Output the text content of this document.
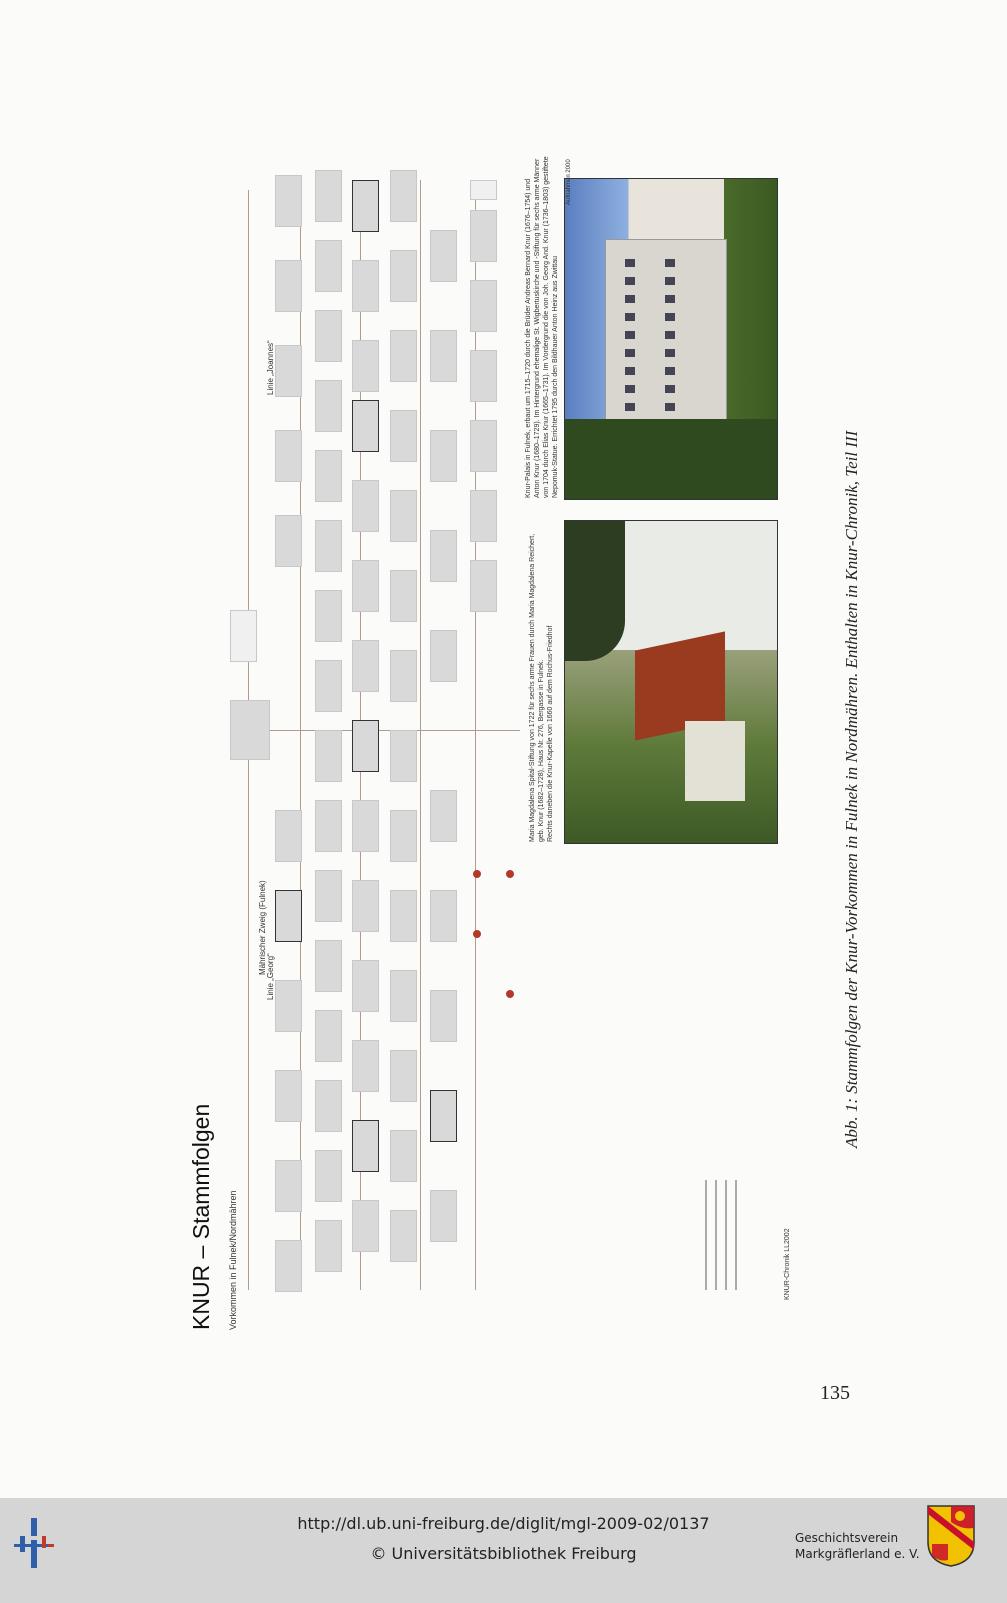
KNUR – Stammfolgen Vorkommen in Fulnek/Nordmähren
Mährischer Zweig (Fulnek)
Linie „Georg“
Linie „Joannes“
KNUR-Chronik LL2002
Maria Magdalena Spital-Stiftung von 1722 für sechs arme Frauen durch Maria Magdalena Reichert, geb. Knur (1682–1728), Haus Nr. 276, Bergasse in Fulnek. Rechts daneben die Knur-Kapelle von 1660 auf dem Rochus-Friedhof
Knur-Palais in Fulnek, erbaut um 1715–1720 durch die Brüder Andreas Bernard Knur (1676–1754) und Anton Knur (1680–1729). Im Hintergrund ehemalige St. Wigbertuskirche und -Stiftung für sechs arme Männer von 1704 durch Elias Knur (1665–1731). Im Vordergrund die von Joh. Georg And. Knur (1736–1803) gestiftete Nepomuk-Statue. Errichtet 1795 durch den Bildhauer Anton Heinz aus Zwittau
Aufnahmen 2000
Abb. 1: Stammfolgen der Knur-Vorkommen in Fulnek in Nordmähren. Enthalten in Knur-Chronik, Teil III
135
http://dl.ub.uni-freiburg.de/diglit/mgl-2009-02/0137
© Universitätsbibliothek Freiburg
Geschichtsverein
Markgräflerland e. V.
